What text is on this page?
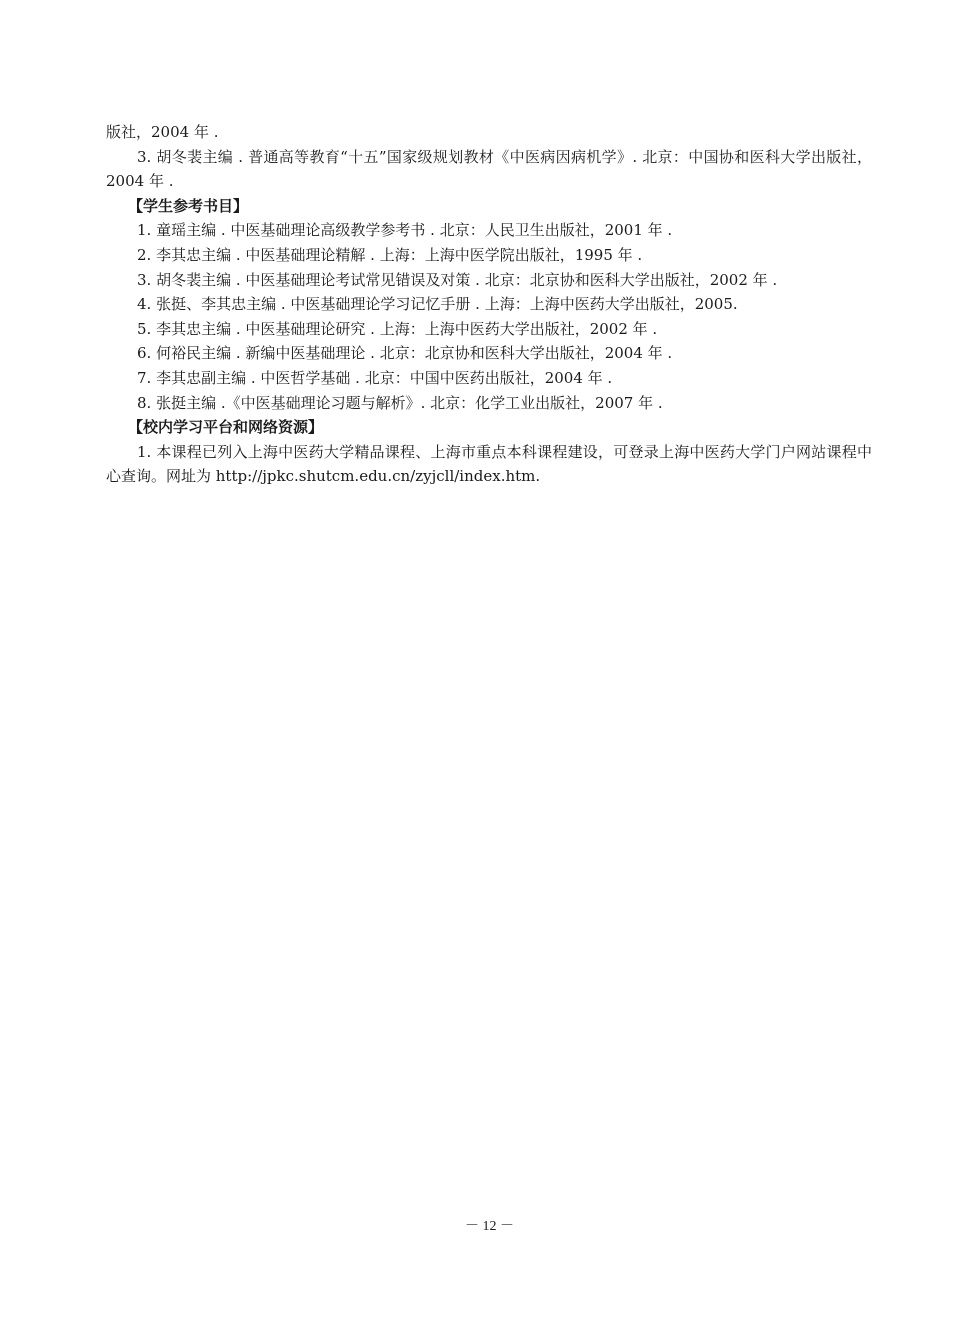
版社，2004 年 .
3. 胡冬裴主编 . 普通高等教育“十五”国家级规划教材《中医病因病机学》. 北京：中国协和医科大学出版社，2004 年 .
【学生参考书目】
1. 童瑶主编 . 中医基础理论高级教学参考书 . 北京：人民卫生出版社，2001 年 .
2. 李其忠主编 . 中医基础理论精解 . 上海：上海中医学院出版社，1995 年 .
3. 胡冬裴主编 . 中医基础理论考试常见错误及对策 . 北京：北京协和医科大学出版社，2002 年 .
4. 张挺、李其忠主编 . 中医基础理论学习记忆手册 . 上海：上海中医药大学出版社，2005.
5. 李其忠主编 . 中医基础理论研究 . 上海：上海中医药大学出版社，2002 年 .
6. 何裕民主编 . 新编中医基础理论 . 北京：北京协和医科大学出版社，2004 年 .
7. 李其忠副主编 . 中医哲学基础 . 北京：中国中医药出版社，2004 年 .
8. 张挺主编 .《中医基础理论习题与解析》. 北京：化学工业出版社，2007 年 .
【校内学习平台和网络资源】
1. 本课程已列入上海中医药大学精品课程、上海市重点本科课程建设，可登录上海中医药大学门户网站课程中心查询。网址为 http://jpkc.shutcm.edu.cn/zyjcll/index.htm.
－ 12 －
